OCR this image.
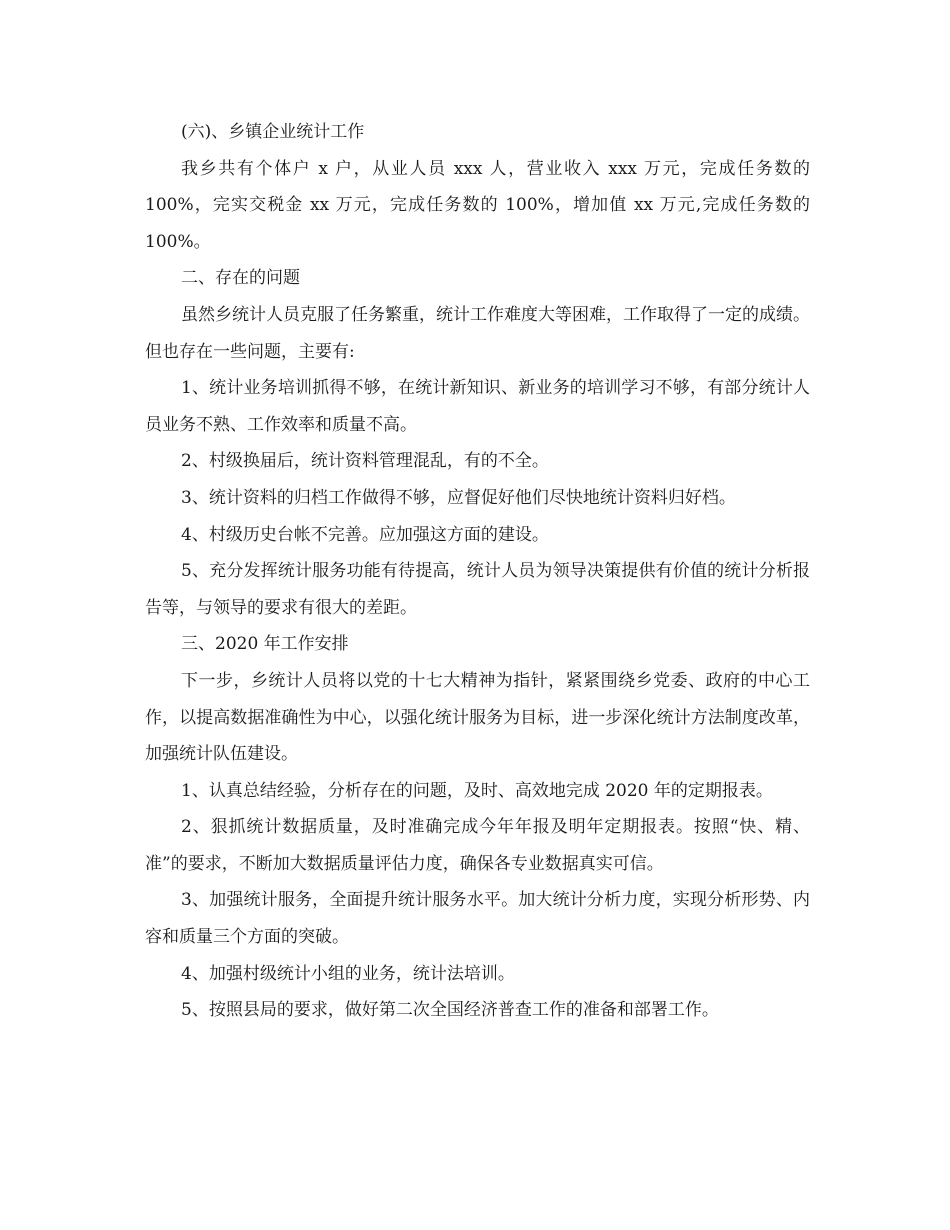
(六)、乡镇企业统计工作

我乡共有个体户 x 户，从业人员 xxx 人，营业收入 xxx 万元，完成任务数的 100%，完实交税金 xx 万元，完成任务数的 100%，增加值 xx 万元,完成任务数的 100%。

二、存在的问题

虽然乡统计人员克服了任务繁重，统计工作难度大等困难，工作取得了一定的成绩。但也存在一些问题，主要有:

1、统计业务培训抓得不够，在统计新知识、新业务的培训学习不够，有部分统计人员业务不熟、工作效率和质量不高。

2、村级换届后，统计资料管理混乱，有的不全。

3、统计资料的归档工作做得不够，应督促好他们尽快地统计资料归好档。

4、村级历史台帐不完善。应加强这方面的建设。

5、充分发挥统计服务功能有待提高，统计人员为领导决策提供有价值的统计分析报告等，与领导的要求有很大的差距。

三、2020 年工作安排

下一步，乡统计人员将以党的十七大精神为指针，紧紧围绕乡党委、政府的中心工作，以提高数据准确性为中心，以强化统计服务为目标，进一步深化统计方法制度改革，加强统计队伍建设。

1、认真总结经验，分析存在的问题，及时、高效地完成 2020 年的定期报表。

2、狠抓统计数据质量，及时准确完成今年年报及明年定期报表。按照“快、精、准”的要求，不断加大数据质量评估力度，确保各专业数据真实可信。

3、加强统计服务，全面提升统计服务水平。加大统计分析力度，实现分析形势、内容和质量三个方面的突破。

4、加强村级统计小组的业务，统计法培训。

5、按照县局的要求，做好第二次全国经济普查工作的准备和部署工作。
